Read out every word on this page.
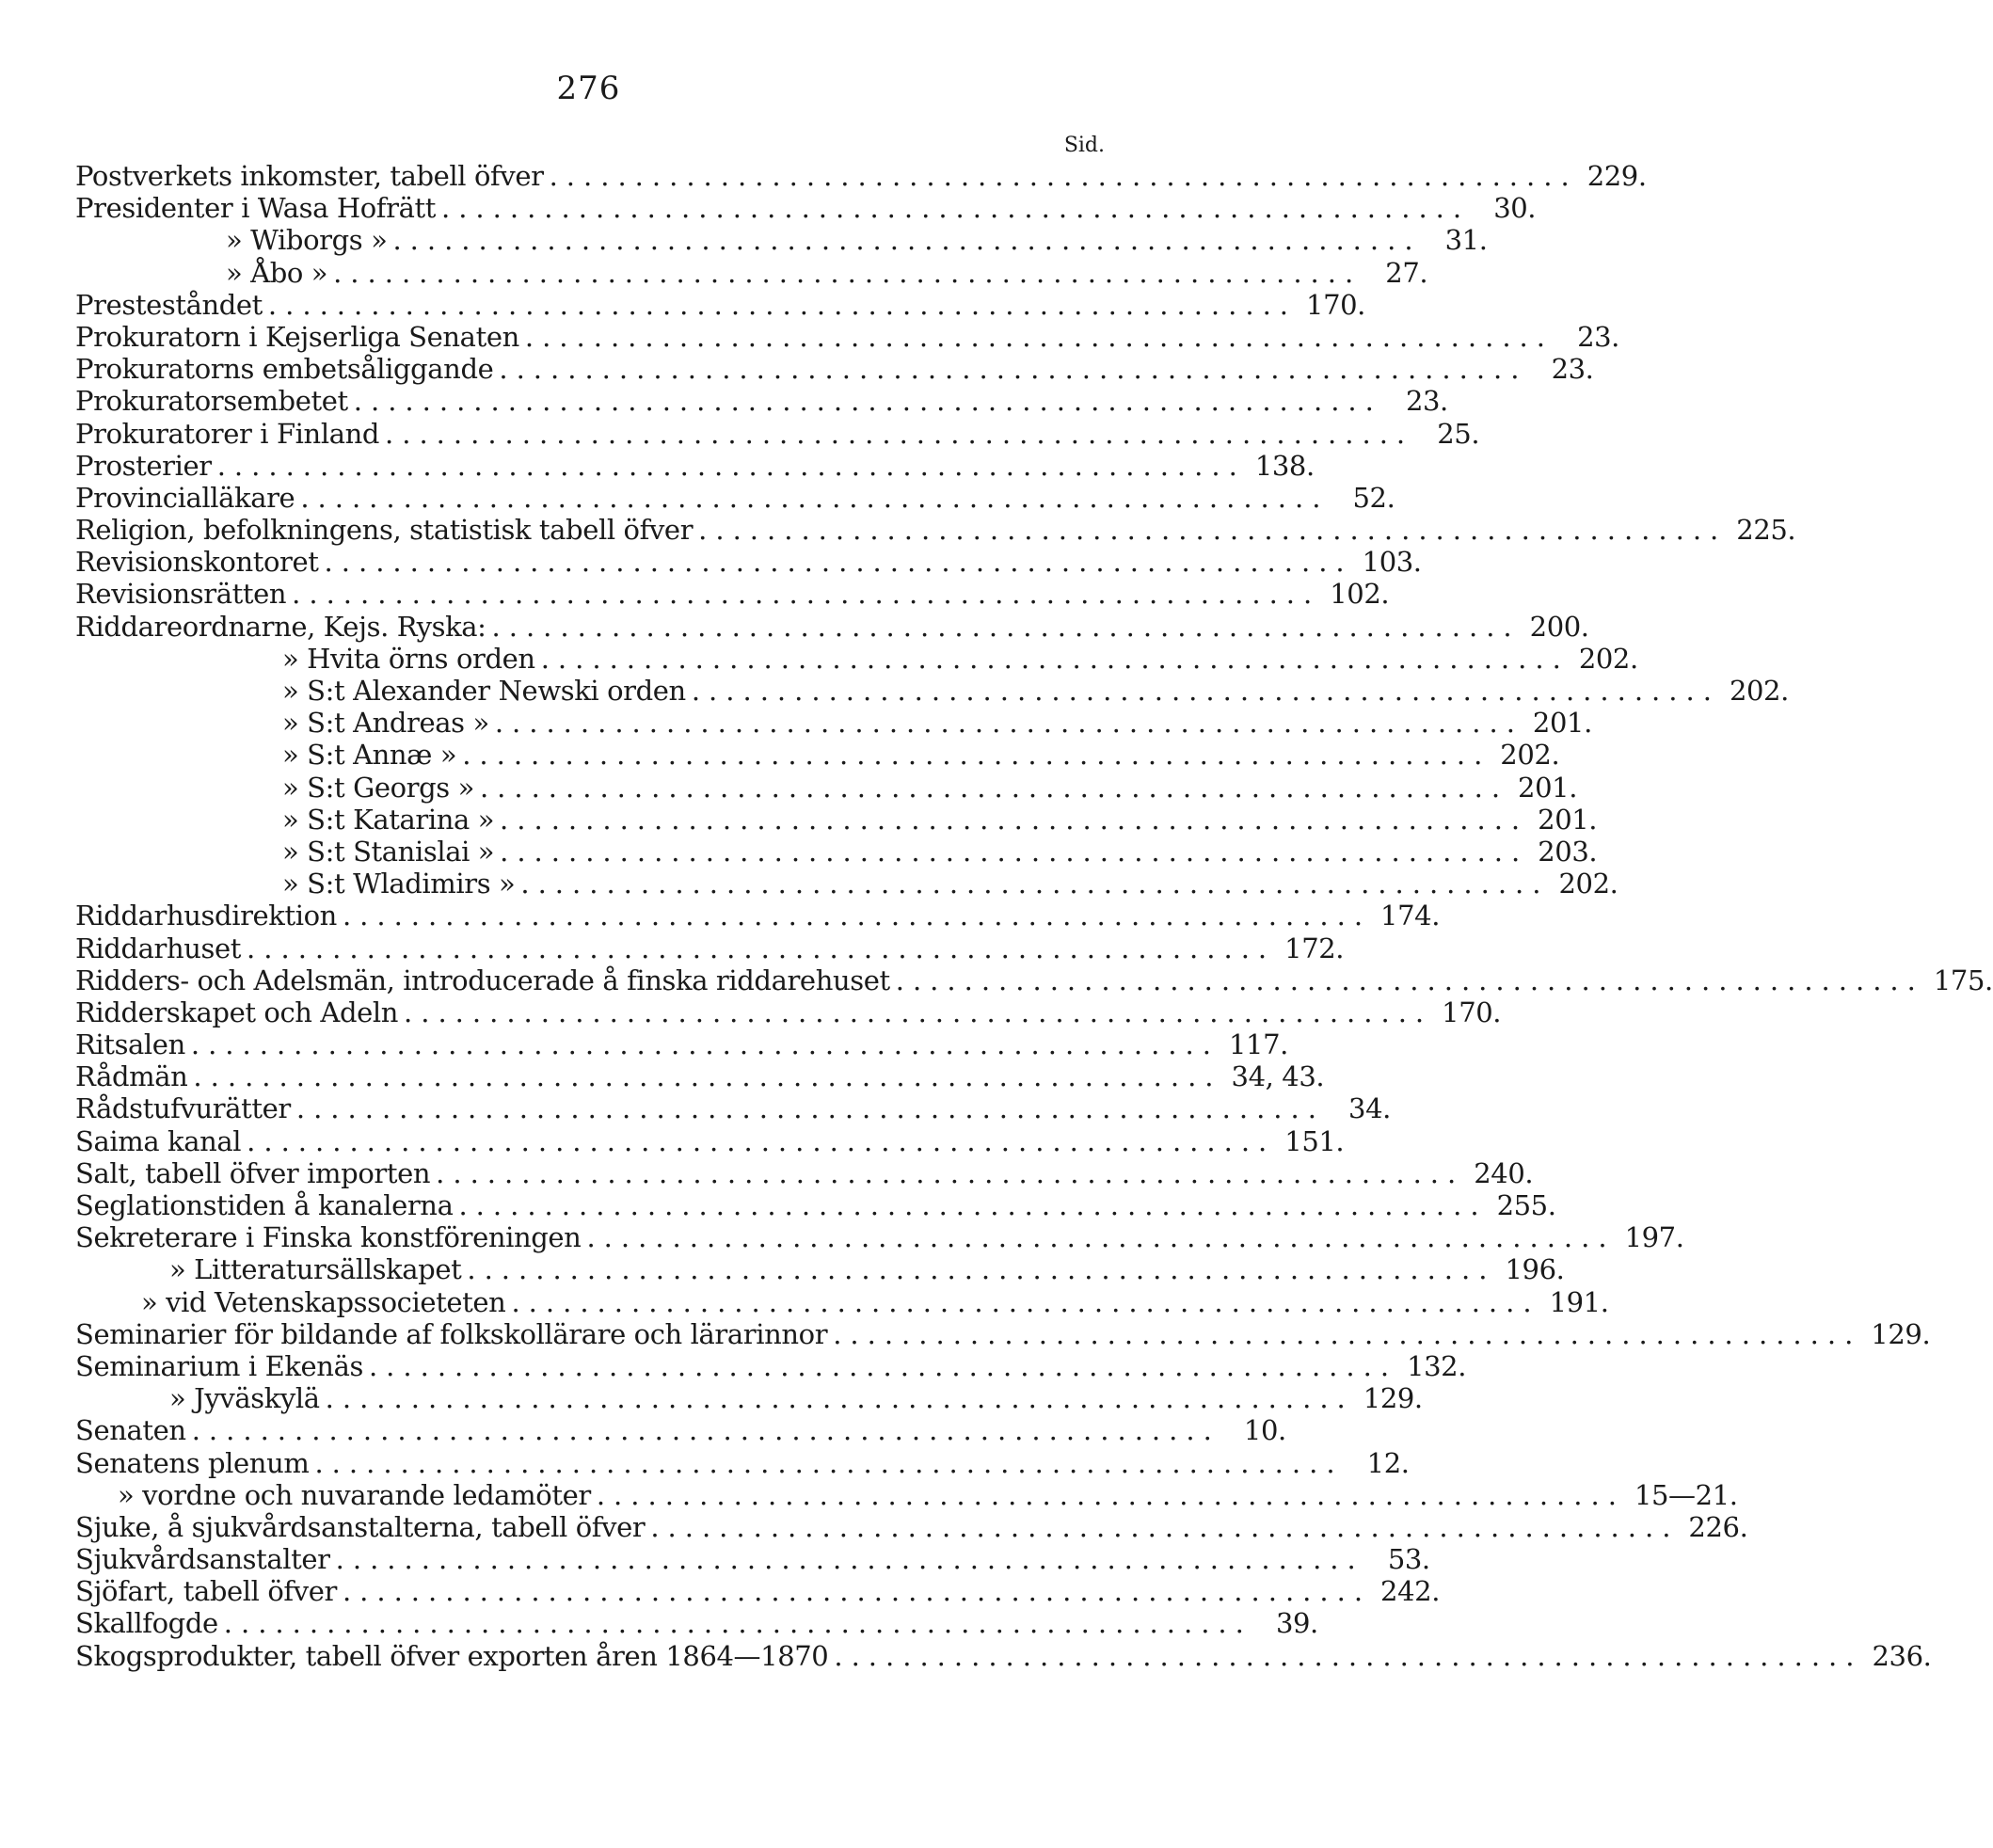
276
Sid.
Postverkets inkomster, tabell öfver ............................................................ 229.
Presidenter i Wasa Hofrätt ............................................................ 30.
» Wiborgs » ............................................................ 31.
» Åbo » ............................................................ 27.
Presteståndet ............................................................ 170.
Prokuratorn i Kejserliga Senaten ............................................................ 23.
Prokuratorns embetsåliggande ............................................................ 23.
Prokuratorsembetet ............................................................ 23.
Prokuratorer i Finland ............................................................ 25.
Prosterier ............................................................ 138.
Provincialläkare ............................................................ 52.
Religion, befolkningens, statistisk tabell öfver ............................................................ 225.
Revisionskontoret ............................................................ 103.
Revisionsrätten ............................................................ 102.
Riddareordnarne, Kejs. Ryska: ............................................................ 200.
» Hvita örns orden ............................................................ 202.
» S:t Alexander Newski orden ............................................................ 202.
» S:t Andreas » ............................................................ 201.
» S:t Annæ » ............................................................ 202.
» S:t Georgs » ............................................................ 201.
» S:t Katarina » ............................................................ 201.
» S:t Stanislai » ............................................................ 203.
» S:t Wladimirs » ............................................................ 202.
Riddarhusdirektion ............................................................ 174.
Riddarhuset ............................................................ 172.
Ridders- och Adelsmän, introducerade å finska riddarehuset ............................................................ 175.
Ridderskapet och Adeln ............................................................ 170.
Ritsalen ............................................................ 117.
Rådmän ............................................................ 34, 43.
Rådstufvurätter ............................................................ 34.
Saima kanal ............................................................ 151.
Salt, tabell öfver importen ............................................................ 240.
Seglationstiden å kanalerna ............................................................ 255.
Sekreterare i Finska konstföreningen ............................................................ 197.
» Litteratursällskapet ............................................................ 196.
» vid Vetenskapssocieteten ............................................................ 191.
Seminarier för bildande af folkskollärare och lärarinnor ............................................................ 129.
Seminarium i Ekenäs ............................................................ 132.
» Jyväskylä ............................................................ 129.
Senaten ............................................................ 10.
Senatens plenum ............................................................ 12.
» vordne och nuvarande ledamöter ............................................................ 15—21.
Sjuke, å sjukvårdsanstalterna, tabell öfver ............................................................ 226.
Sjukvårdsanstalter ............................................................ 53.
Sjöfart, tabell öfver ............................................................ 242.
Skallfogde ............................................................ 39.
Skogsprodukter, tabell öfver exporten åren 1864—1870 ............................................................ 236.
